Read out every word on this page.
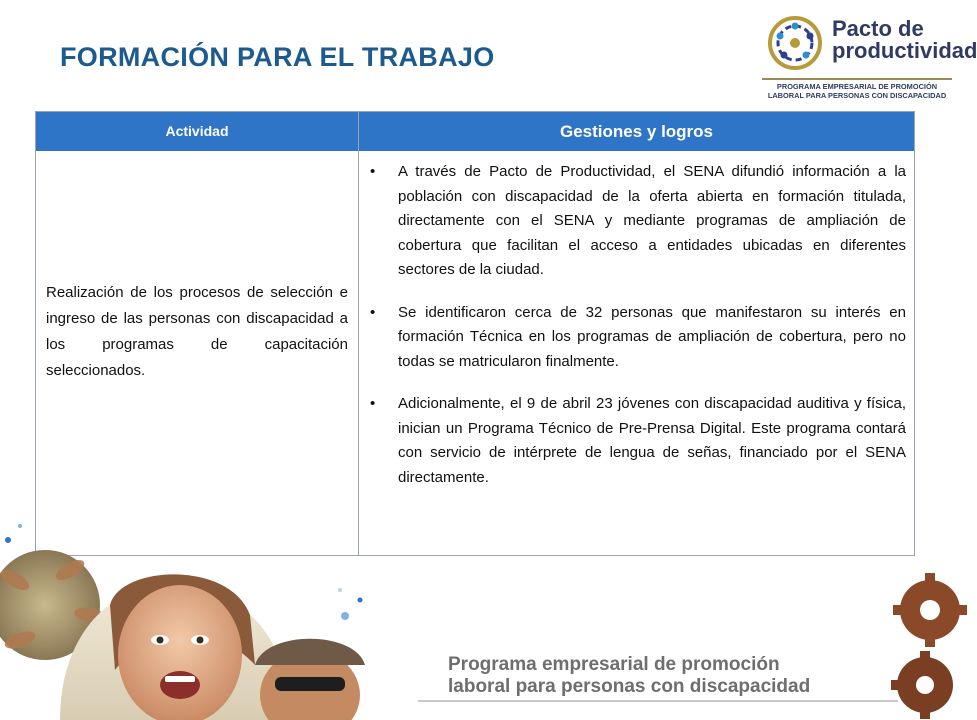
FORMACIÓN PARA EL TRABAJO
Pacto de
productividad
PROGRAMA EMPRESARIAL DE PROMOCIÓN
LABORAL PARA PERSONAS CON DISCAPACIDAD
Actividad	Gestiones y logros
Realización de los procesos de selección e ingreso de las personas con discapacidad a los programas de capacitación seleccionados.
• A través de Pacto de Productividad, el SENA difundió información a la población con discapacidad de la oferta abierta en formación titulada, directamente con el SENA y mediante programas de ampliación de cobertura que facilitan el acceso a entidades ubicadas en diferentes sectores de la ciudad.
• Se identificaron cerca de 32 personas que manifestaron su interés en formación Técnica en los programas de ampliación de cobertura, pero no todas se matricularon finalmente.
• Adicionalmente, el 9 de abril 23 jóvenes con discapacidad auditiva y física, inician un Programa Técnico de Pre-Prensa Digital. Este programa contará con servicio de intérprete de lengua de señas, financiado por el SENA directamente.
Programa empresarial de promoción
laboral para personas con discapacidad
